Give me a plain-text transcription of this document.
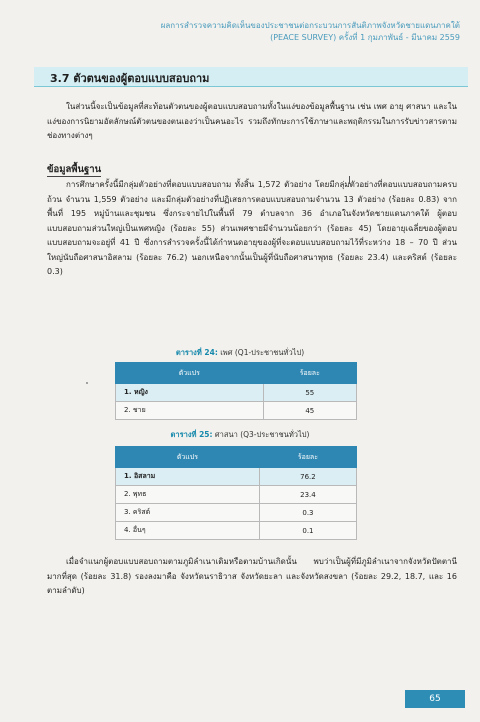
ผลการสำรวจความคิดเห็นของประชาชนต่อกระบวนการสันติภาพจังหวัดชายแดนภาคใต้
(PEACE SURVEY) ครั้งที่ 1 กุมภาพันธ์ - มีนาคม 2559
3.7 ตัวตนของผู้ตอบแบบสอบถาม

ในส่วนนี้จะเป็นข้อมูลที่สะท้อนตัวตนของผู้ตอบแบบสอบถามทั้งในแง่ของข้อมูลพื้นฐาน เช่น เพศ อายุ ศาสนา และในแง่ของการนิยามอัตลักษณ์ตัวตนของตนเองว่าเป็นคนอะไร รวมถึงทักษะการใช้ภาษาและพฤติกรรมในการรับข่าวสารตามช่องทางต่างๆ

ข้อมูลพื้นฐาน

การศึกษาครั้งนี้มีกลุ่มตัวอย่างที่ตอบแบบสอบถาม ทั้งสิ้น 1,572 ตัวอย่าง โดยมีกลุ่มตัวอย่างที่ตอบแบบสอบถามครบถ้วน จำนวน 1,559 ตัวอย่าง และมีกลุ่มตัวอย่างที่ปฏิเสธการตอบแบบสอบถามจำนวน 13 ตัวอย่าง (ร้อยละ 0.83) จากพื้นที่ 195 หมู่บ้านและชุมชน ซึ่งกระจายไปในพื้นที่ 79 ตำบลจาก 36 อำเภอในจังหวัดชายแดนภาคใต้ ผู้ตอบแบบสอบถามส่วนใหญ่เป็นเพศหญิง (ร้อยละ 55) ส่วนเพศชายมีจำนวนน้อยกว่า (ร้อยละ 45) โดยอายุเฉลี่ยของผู้ตอบแบบสอบถามจะอยู่ที่ 41 ปี ซึ่งการสำรวจครั้งนี้ได้กำหนดอายุของผู้ที่จะตอบแบบสอบถามไว้ที่ระหว่าง 18 – 70 ปี ส่วนใหญ่นับถือศาสนาอิสลาม (ร้อยละ 76.2) นอกเหนือจากนั้นเป็นผู้ที่นับถือศาสนาพุทธ (ร้อยละ 23.4) และคริสต์ (ร้อยละ 0.3)

ตารางที่ 24: เพศ (Q1-ประชาชนทั่วไป)
ตัวแปร	ร้อยละ
1. หญิง	55
2. ชาย	45
ตารางที่ 25: ศาสนา (Q3-ประชาชนทั่วไป)
ตัวแปร	ร้อยละ
1. อิสลาม	76.2
2. พุทธ	23.4
3. คริสต์	0.3
4. อื่นๆ	0.1

เมื่อจำแนกผู้ตอบแบบสอบถามตามภูมิลำเนาเดิมหรือตามบ้านเกิดนั้น พบว่าเป็นผู้ที่มีภูมิลำเนาจากจังหวัดปัตตานีมากที่สุด (ร้อยละ 31.8) รองลงมาคือ จังหวัดนราธิวาส จังหวัดยะลา และจังหวัดสงขลา (ร้อยละ 29.2, 18.7, และ 16 ตามลำดับ)

65
